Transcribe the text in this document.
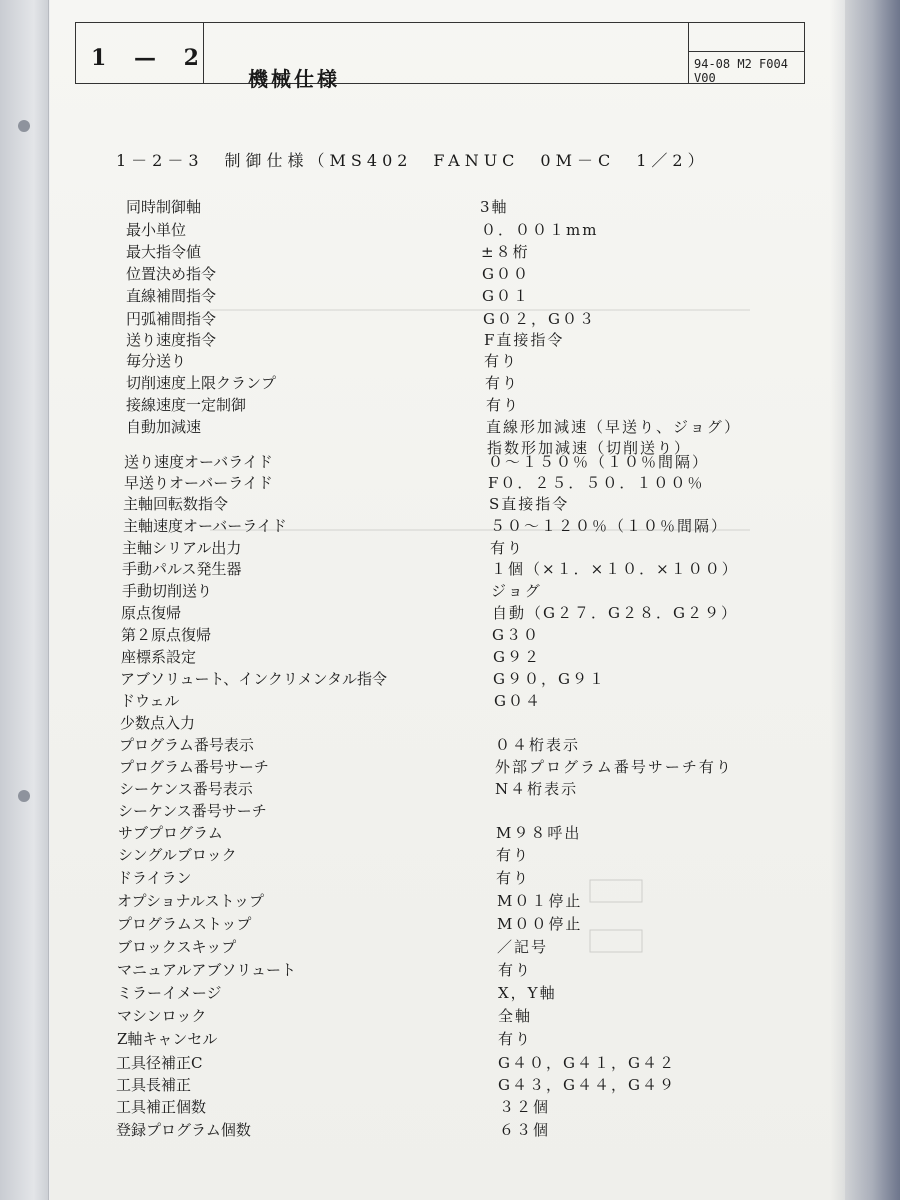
1 — 2
機械仕様
94-08 M2 F004 V00
1－2－3　制御仕様（MS402　FANUC　0M－C　1／2）
同時制御軸	3軸
最小単位	０．００１mm
最大指令値	±８桁
位置決め指令	G００
直線補間指令	G０１
円弧補間指令	G０２，G０３
送り速度指令	F直接指令
毎分送り	有り
切削速度上限クランプ	有り
接線速度一定制御	有り
自動加減速	直線形加減速（早送り、ジョグ）
指数形加減速（切削送り）
送り速度オーバライド	０～１５０％（１０％間隔）
早送りオーバーライド	F０．２５．５０．１００％
主軸回転数指令	S直接指令
主軸速度オーバーライド	５０～１２０％（１０％間隔）
主軸シリアル出力	有り
手動パルス発生器	１個（×１．×１０．×１００）
手動切削送り	ジョグ
原点復帰	自動（G２７．G２８．G２９）
第２原点復帰	G３０
座標系設定	G９２
アブソリュート、インクリメンタル指令	G９０，G９１
ドウェル	G０４
少数点入力
プログラム番号表示	０４桁表示
プログラム番号サーチ	外部プログラム番号サーチ有り
シーケンス番号表示	N４桁表示
シーケンス番号サーチ
サブプログラム	M９８呼出
シングルブロック	有り
ドライラン	有り
オプショナルストップ	M０１停止
プログラムストップ	M００停止
ブロックスキップ	／記号
マニュアルアブソリュート	有り
ミラーイメージ	X，Y軸
マシンロック	全軸
Z軸キャンセル	有り
工具径補正C	G４０，G４１，G４２
工具長補正	G４３，G４４，G４９
工具補正個数	３２個
登録プログラム個数	６３個
